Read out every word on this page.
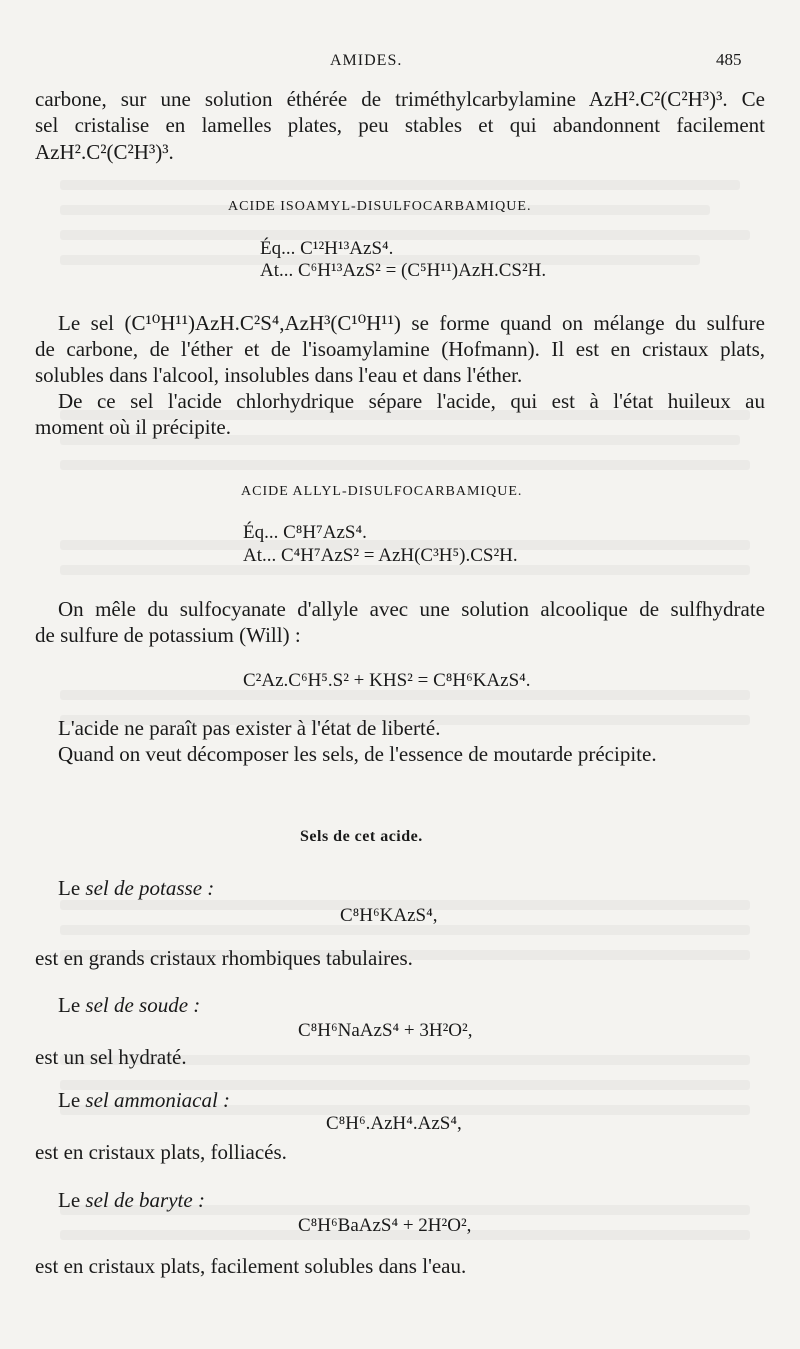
AMIDES.	485
carbone, sur une solution éthérée de triméthylcarbylamine AzH².C²(C²H³)³. Ce
sel cristalise en lamelles plates, peu stables et qui abandonnent facilement
AzH².C²(C²H³)³.
ACIDE ISOAMYL-DISULFOCARBAMIQUE.
Éq... C¹²H¹³AzS⁴.
At... C⁶H¹³AzS² = (C⁵H¹¹)AzH.CS²H.
Le sel (C¹⁰H¹¹)AzH.C²S⁴,AzH³(C¹⁰H¹¹) se forme quand on mélange du sulfure
de carbone, de l'éther et de l'isoamylamine (Hofmann). Il est en cristaux plats,
solubles dans l'alcool, insolubles dans l'eau et dans l'éther.
De ce sel l'acide chlorhydrique sépare l'acide, qui est à l'état huileux au
moment où il précipite.
ACIDE ALLYL-DISULFOCARBAMIQUE.
Éq... C⁸H⁷AzS⁴.
At... C⁴H⁷AzS² = AzH(C³H⁵).CS²H.
On mêle du sulfocyanate d'allyle avec une solution alcoolique de sulfhydrate
de sulfure de potassium (Will) :
C²Az.C⁶H⁵.S² + KHS² = C⁸H⁶KAzS⁴.
L'acide ne paraît pas exister à l'état de liberté.
Quand on veut décomposer les sels, de l'essence de moutarde précipite.
Sels de cet acide.
Le sel de potasse :
C⁸H⁶KAzS⁴,
est en grands cristaux rhombiques tabulaires.
Le sel de soude :
C⁸H⁶NaAzS⁴ + 3H²O²,
est un sel hydraté.
Le sel ammoniacal :
C⁸H⁶.AzH⁴.AzS⁴,
est en cristaux plats, folliacés.
Le sel de baryte :
C⁸H⁶BaAzS⁴ + 2H²O²,
est en cristaux plats, facilement solubles dans l'eau.
